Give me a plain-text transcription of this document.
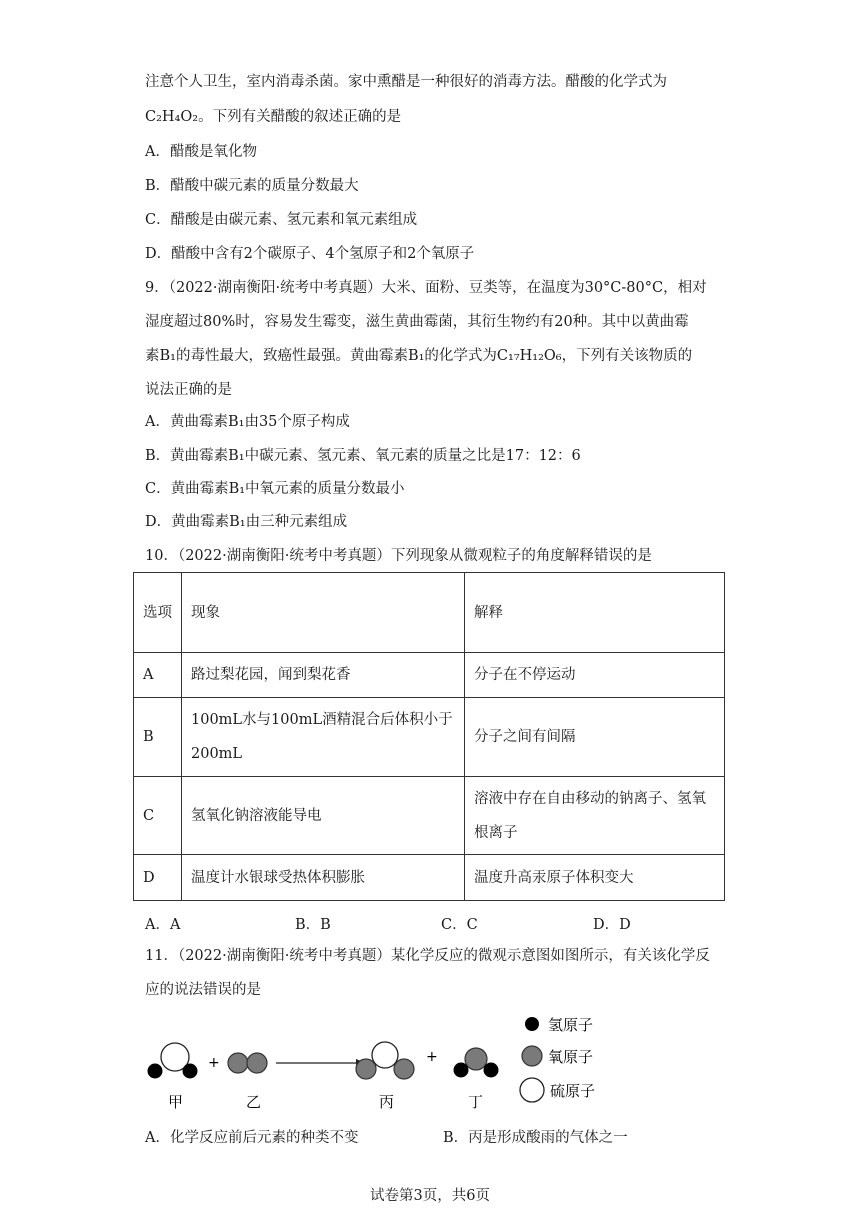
注意个人卫生，室内消毒杀菌。家中熏醋是一种很好的消毒方法。醋酸的化学式为
C₂H₄O₂。下列有关醋酸的叙述正确的是
A．醋酸是氧化物
B．醋酸中碳元素的质量分数最大
C．醋酸是由碳元素、氢元素和氧元素组成
D．醋酸中含有2个碳原子、4个氢原子和2个氧原子
9．（2022·湖南衡阳·统考中考真题）大米、面粉、豆类等，在温度为30°C-80°C，相对
湿度超过80%时，容易发生霉变，滋生黄曲霉菌，其衍生物约有20种。其中以黄曲霉
素B₁的毒性最大，致癌性最强。黄曲霉素B₁的化学式为C₁₇H₁₂O₆，下列有关该物质的
说法正确的是
A．黄曲霉素B₁由35个原子构成
B．黄曲霉素B₁中碳元素、氢元素、氧元素的质量之比是17：12：6
C．黄曲霉素B₁中氧元素的质量分数最小
D．黄曲霉素B₁由三种元素组成
10．（2022·湖南衡阳·统考中考真题）下列现象从微观粒子的角度解释错误的是
选项	现象	解释
A	路过梨花园，闻到梨花香	分子在不停运动
B	100mL水与100mL酒精混合后体积小于200mL	分子之间有间隔
C	氢氧化钠溶液能导电	溶液中存在自由移动的钠离子、氢氧根离子
D	温度计水银球受热体积膨胀	温度升高汞原子体积变大
A．A	B．B	C．C	D．D
11．（2022·湖南衡阳·统考中考真题）某化学反应的微观示意图如图所示，有关该化学反
应的说法错误的是
+	+
甲	乙	丙	丁
氢原子
氧原子
硫原子
A．化学反应前后元素的种类不变	B．丙是形成酸雨的气体之一
试卷第3页，共6页
